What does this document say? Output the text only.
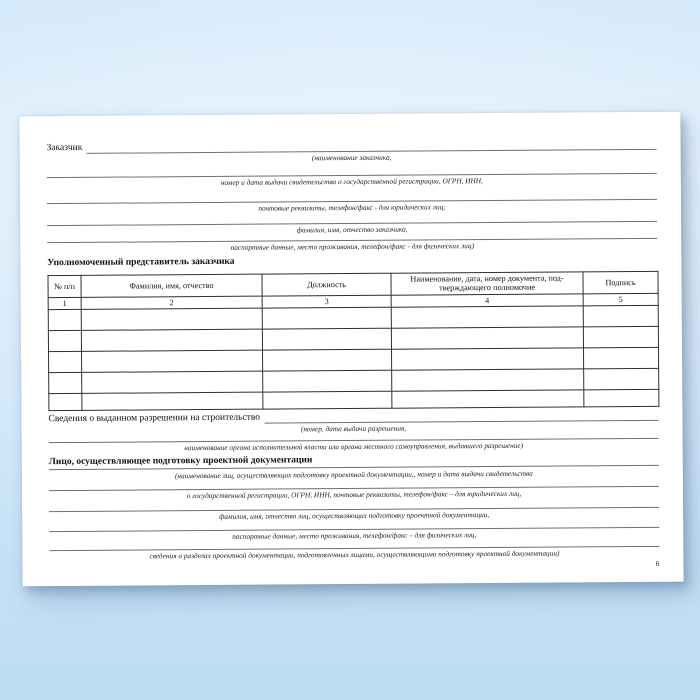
Заказчик
(наименование заказчика,
номер и дата выдачи свидетельства о государственной регистрации, ОГРН, ИНН,
почтовые реквизиты, телефон/факс - для юридических лиц;
фамилия, имя, отчество заказчика,
паспортные данные, место проживания, телефон/факс - для физических лиц)
Уполномоченный представитель заказчика
№ п/п	Фамилия, имя, отчество	Должность	Наименование, дата, номер документа, под-тверждающего полномочие	Подпись
1	2	3	4	5

Сведения о выданном разрешении на строительство
(номер, дата выдачи разрешения,
наименование органа исполнительной власти или органа местного самоуправления, выдавшего разрешение)
Лицо, осуществляющее подготовку проектной документации
(наименование лиц, осуществляющих подготовку проектной документации,, номер и дата выдачи свидетельства
о государственной регистрации, ОГРН, ИНН, почтовые реквизиты, телефон/факс – для юридических лиц,
фамилия, имя, отчество лиц, осуществляющих подготовку проектной документации,
паспортные данные, место проживания, телефон/факс – для физических лиц,
сведения о разделах проектной документации, подготовленных лицами, осуществляющими подготовку проектной документации)
6
